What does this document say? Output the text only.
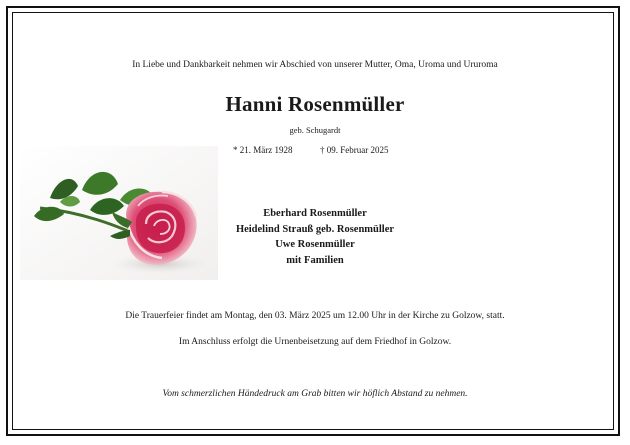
In Liebe und Dankbarkeit nehmen wir Abschied von unserer Mutter, Oma, Uroma und Ururoma
Hanni Rosenmüller
geb. Schugardt
* 21. März 1928	† 09. Februar 2025
Eberhard Rosenmüller
Heidelind Strauß geb. Rosenmüller
Uwe Rosenmüller
mit Familien
Die Trauerfeier findet am Montag, den 03. März 2025 um 12.00 Uhr in der Kirche zu Golzow, statt.
Im Anschluss erfolgt die Urnenbeisetzung auf dem Friedhof in Golzow.
Vom schmerzlichen Händedruck am Grab bitten wir höflich Abstand zu nehmen.
